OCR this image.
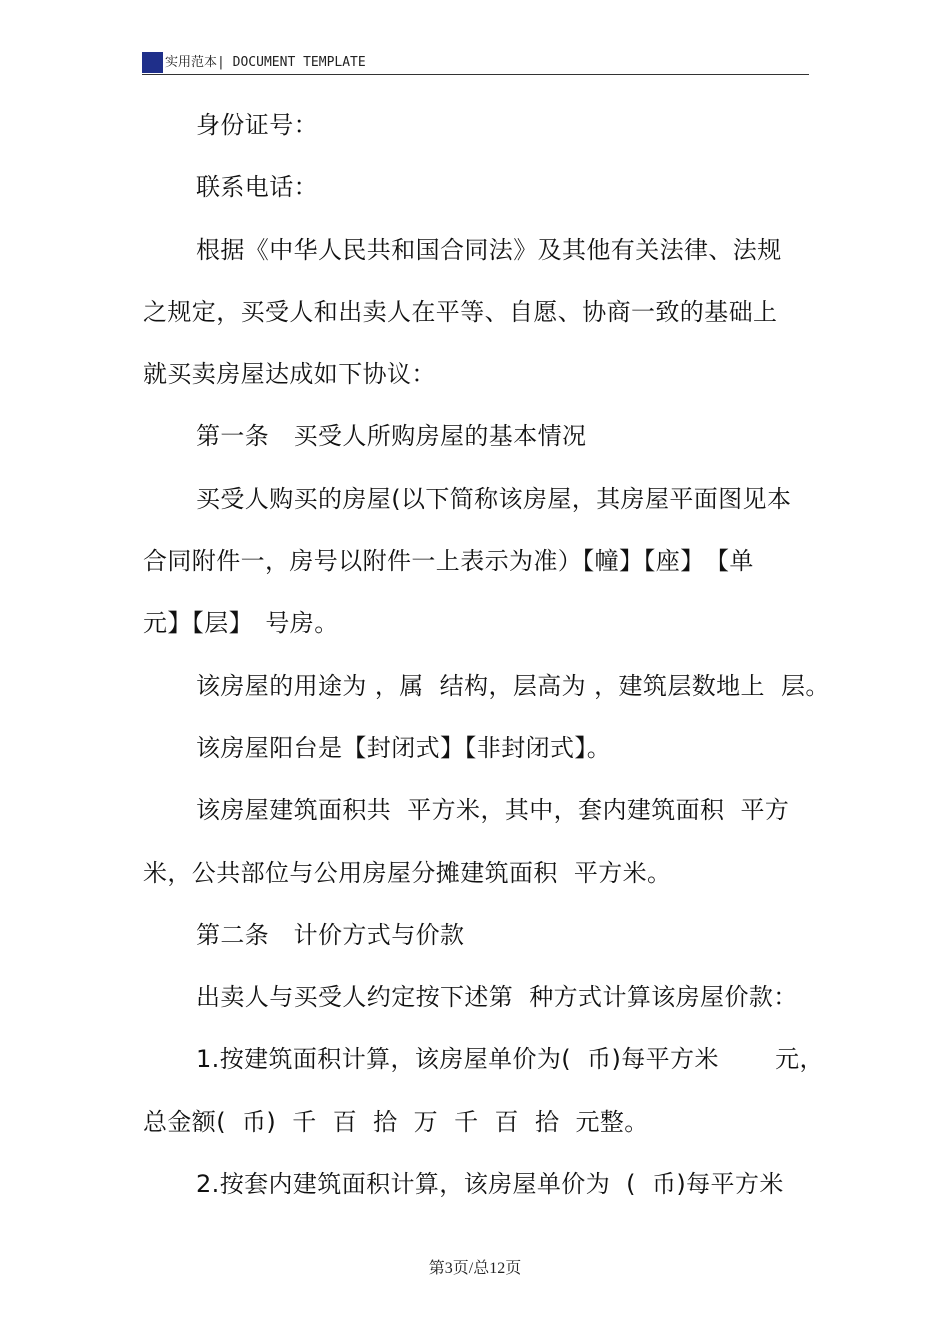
实用范本| DOCUMENT TEMPLATE
身份证号：
联系电话：
根据《中华人民共和国合同法》及其他有关法律、法规
之规定，买受人和出卖人在平等、自愿、协商一致的基础上
就买卖房屋达成如下协议：
第一条　买受人所购房屋的基本情况
买受人购买的房屋(以下简称该房屋，其房屋平面图见本
合同附件一，房号以附件一上表示为准）【幢】【座】　【单
元】【层】　号房。
该房屋的用途为 ，属  结构，层高为 ，建筑层数地上  层。
该房屋阳台是【封闭式】【非封闭式】。
该房屋建筑面积共  平方米，其中，套内建筑面积  平方
米，公共部位与公用房屋分摊建筑面积  平方米。
第二条　计价方式与价款
出卖人与买受人约定按下述第  种方式计算该房屋价款：
1.按建筑面积计算，该房屋单价为(  币)每平方米       元，
总金额(  币)  千  百  拾  万  千  百  拾  元整。
2.按套内建筑面积计算，该房屋单价为  (  币)每平方米
第3页/总12页
